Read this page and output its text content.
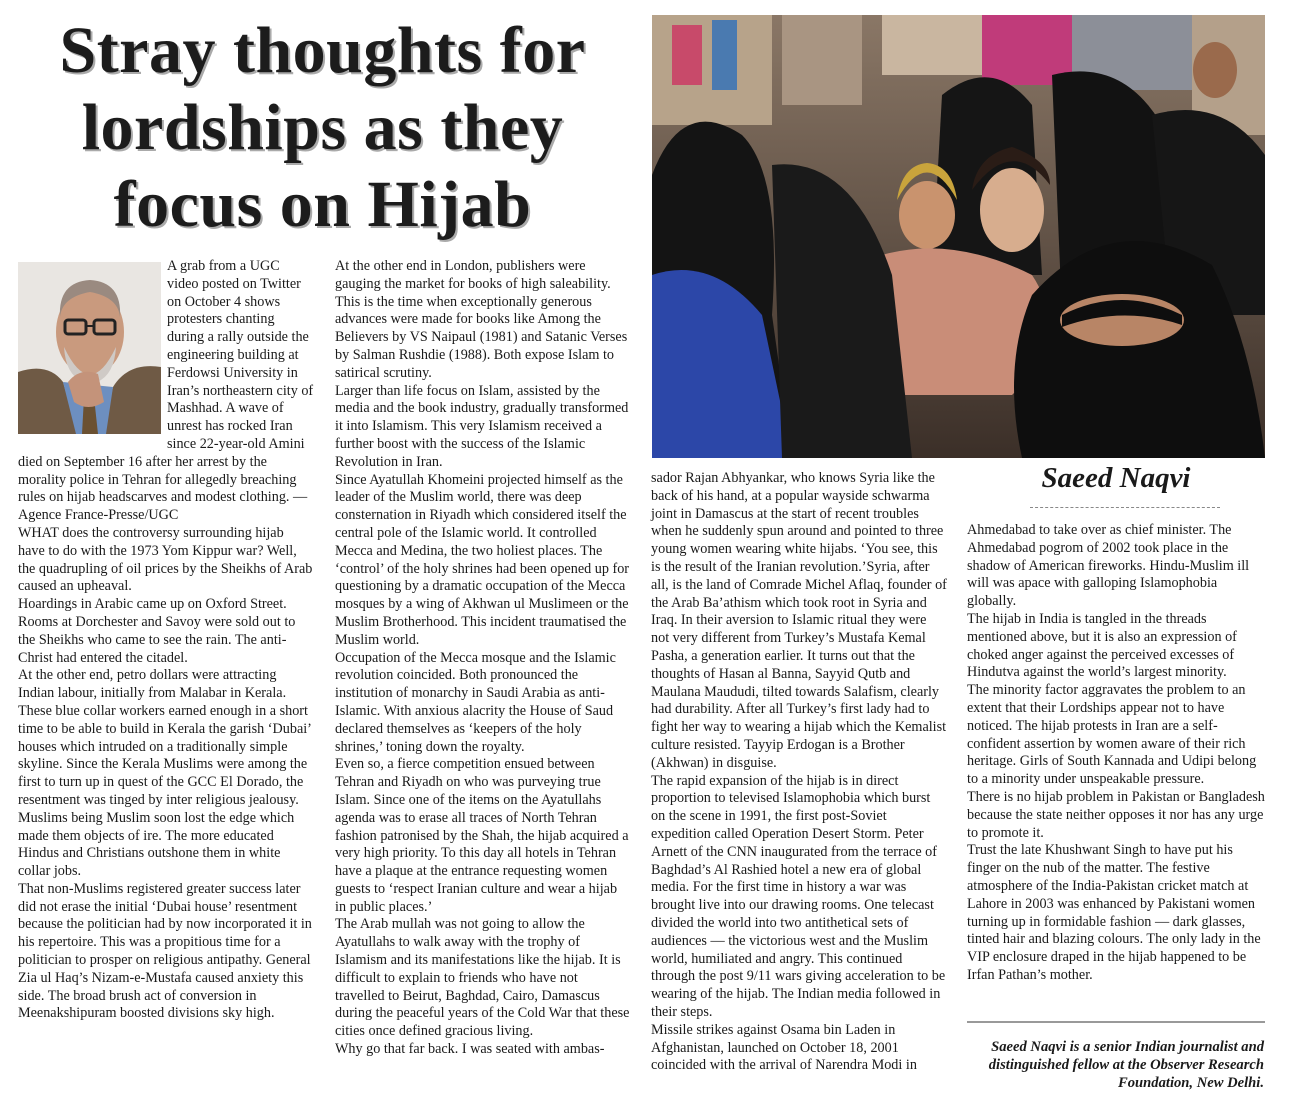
Stray thoughts for
lordships as they
focus on Hijab

A grab from a UGC video posted on Twitter on October 4 shows protesters chanting during a rally outside the engineering building at Ferdowsi University in Iran’s northeastern city of Mashhad. A wave of unrest has rocked Iran since 22-year-old Amini died on September 16 after her arrest by the morality police in Tehran for allegedly breaching rules on hijab headscarves and modest clothing. — Agence France-Presse/UGC

WHAT does the controversy surrounding hijab have to do with the 1973 Yom Kippur war? Well, the quadrupling of oil prices by the Sheikhs of Arab caused an upheaval.

Hoardings in Arabic came up on Oxford Street. Rooms at Dorchester and Savoy were sold out to the Sheikhs who came to see the rain. The anti-Christ had entered the citadel.

At the other end, petro dollars were attracting Indian labour, initially from Malabar in Kerala. These blue collar workers earned enough in a short time to be able to build in Kerala the garish ‘Dubai’ houses which intruded on a traditionally simple skyline. Since the Kerala Muslims were among the first to turn up in quest of the GCC El Dorado, the resentment was tinged by inter religious jealousy.

Muslims being Muslim soon lost the edge which made them objects of ire. The more educated Hindus and Christians outshone them in white collar jobs.

That non-Muslims registered greater success later did not erase the initial ‘Dubai house’ resentment because the politician had by now incorporated it in his repertoire. This was a propitious time for a politician to prosper on religious antipathy. General Zia ul Haq’s Nizam-e-Mustafa caused anxiety this side. The broad brush act of conversion in Meenakshipuram boosted divisions sky high.

At the other end in London, publishers were gauging the market for books of high saleability. This is the time when exceptionally generous advances were made for books like Among the Believers by VS Naipaul (1981) and Satanic Verses by Salman Rushdie (1988). Both expose Islam to satirical scrutiny.

Larger than life focus on Islam, assisted by the media and the book industry, gradually transformed it into Islamism. This very Islamism received a further boost with the success of the Islamic Revolution in Iran.

Since Ayatullah Khomeini projected himself as the leader of the Muslim world, there was deep consternation in Riyadh which considered itself the central pole of the Islamic world. It controlled Mecca and Medina, the two holiest places. The ‘control’ of the holy shrines had been opened up for questioning by a dramatic occupation of the Mecca mosques by a wing of Akhwan ul Muslimeen or the Muslim Brotherhood. This incident traumatised the Muslim world.

Occupation of the Mecca mosque and the Islamic revolution coincided. Both pronounced the institution of monarchy in Saudi Arabia as anti-Islamic. With anxious alacrity the House of Saud declared themselves as ‘keepers of the holy shrines,’ toning down the royalty.

Even so, a fierce competition ensued between Tehran and Riyadh on who was purveying true Islam. Since one of the items on the Ayatullahs agenda was to erase all traces of North Tehran fashion patronised by the Shah, the hijab acquired a very high priority. To this day all hotels in Tehran have a plaque at the entrance requesting women guests to ‘respect Iranian culture and wear a hijab in public places.’

The Arab mullah was not going to allow the Ayatullahs to walk away with the trophy of Islamism and its manifestations like the hijab. It is difficult to explain to friends who have not travelled to Beirut, Baghdad, Cairo, Damascus during the peaceful years of the Cold War that these cities once defined gracious living.

Why go that far back. I was seated with ambas-

sador Rajan Abhyankar, who knows Syria like the back of his hand, at a popular wayside schwarma joint in Damascus at the start of recent troubles when he suddenly spun around and pointed to three young women wearing white hijabs. ‘You see, this is the result of the Iranian revolution.’Syria, after all, is the land of Comrade Michel Aflaq, founder of the Arab Ba’athism which took root in Syria and Iraq. In their aversion to Islamic ritual they were not very different from Turkey’s Mustafa Kemal Pasha, a generation earlier. It turns out that the thoughts of Hasan al Banna, Sayyid Qutb and Maulana Maududi, tilted towards Salafism, clearly had durability. After all Turkey’s first lady had to fight her way to wearing a hijab which the Kemalist culture resisted. Tayyip Erdogan is a Brother (Akhwan) in disguise.

The rapid expansion of the hijab is in direct proportion to televised Islamophobia which burst on the scene in 1991, the first post-Soviet expedition called Operation Desert Storm. Peter Arnett of the CNN inaugurated from the terrace of Baghdad’s Al Rashied hotel a new era of global media. For the first time in history a war was brought live into our drawing rooms. One telecast divided the world into two antithetical sets of audiences — the victorious west and the Muslim world, humiliated and angry. This continued through the post 9/11 wars giving acceleration to be wearing of the hijab. The Indian media followed in their steps.

Missile strikes against Osama bin Laden in Afghanistan, launched on October 18, 2001 coincided with the arrival of Narendra Modi in

Saeed Naqvi

Ahmedabad to take over as chief minister. The Ahmedabad pogrom of 2002 took place in the shadow of American fireworks. Hindu-Muslim ill will was apace with galloping Islamophobia globally.

The hijab in India is tangled in the threads mentioned above, but it is also an expression of choked anger against the perceived excesses of Hindutva against the world’s largest minority.

The minority factor aggravates the problem to an extent that their Lordships appear not to have noticed. The hijab protests in Iran are a self-confident assertion by women aware of their rich heritage. Girls of South Kannada and Udipi belong to a minority under unspeakable pressure.

There is no hijab problem in Pakistan or Bangladesh because the state neither opposes it nor has any urge to promote it.

Trust the late Khushwant Singh to have put his finger on the nub of the matter. The festive atmosphere of the India-Pakistan cricket match at Lahore in 2003 was enhanced by Pakistani women turning up in formidable fashion — dark glasses, tinted hair and blazing colours. The only lady in the VIP enclosure draped in the hijab happened to be Irfan Pathan’s mother.

Saeed Naqvi is a senior Indian journalist and distinguished fellow at the Observer Research Foundation, New Delhi.
